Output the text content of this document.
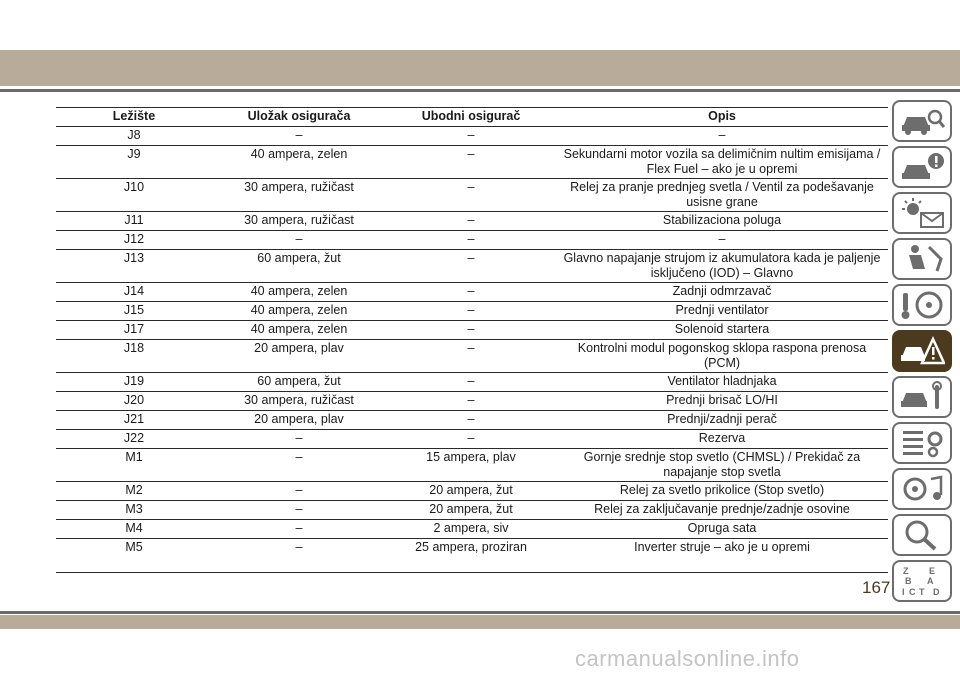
Ležište	Uložak osigurača	Ubodni osigurač	Opis
J8	–	–	–
J9	40 ampera, zelen	–	Sekundarni motor vozila sa delimičnim nultim emisijama / Flex Fuel – ako je u opremi
J10	30 ampera, ružičast	–	Relej za pranje prednjeg svetla / Ventil za podešavanje usisne grane
J11	30 ampera, ružičast	–	Stabilizaciona poluga
J12	–	–	–
J13	60 ampera, žut	–	Glavno napajanje strujom iz akumulatora kada je paljenje isključeno (IOD) – Glavno
J14	40 ampera, zelen	–	Zadnji odmrzavač
J15	40 ampera, zelen	–	Prednji ventilator
J17	40 ampera, zelen	–	Solenoid startera
J18	20 ampera, plav	–	Kontrolni modul pogonskog sklopa raspona prenosa (PCM)
J19	60 ampera, žut	–	Ventilator hladnjaka
J20	30 ampera, ružičast	–	Prednji brisač LO/HI
J21	20 ampera, plav	–	Prednji/zadnji perač
J22	–	–	Rezerva
M1	–	15 ampera, plav	Gornje srednje stop svetlo (CHMSL) / Prekidač za napajanje stop svetla
M2	–	20 ampera, žut	Relej za svetlo prikolice (Stop svetlo)
M3	–	20 ampera, žut	Relej za zaključavanje prednje/zadnje osovine
M4	–	2 ampera, siv	Opruga sata
M5	–	25 ampera, proziran	Inverter struje – ako je u opremi
Z E
B A
C D
I T
167
carmanualsonline.info
